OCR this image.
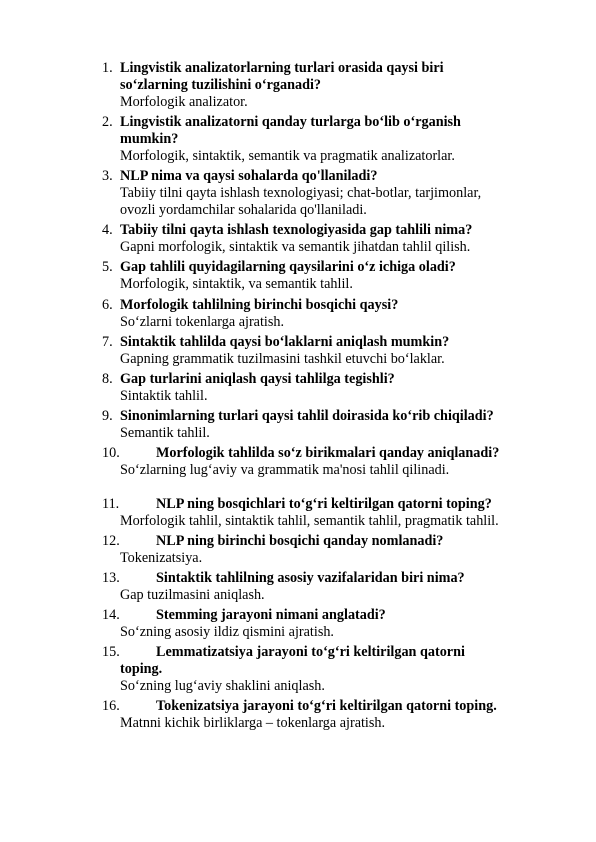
1. Lingvistik analizatorlarning turlari orasida qaysi biri
so‘zlarning tuzilishini o‘rganadi?
Morfologik analizator.
2. Lingvistik analizatorni qanday turlarga bo‘lib o‘rganish
mumkin?
Morfologik, sintaktik, semantik va pragmatik analizatorlar.
3. NLP nima va qaysi sohalarda qo'llaniladi?
Tabiiy tilni qayta ishlash texnologiyasi; chat-botlar, tarjimonlar,
ovozli yordamchilar sohalarida qo'llaniladi.
4. Tabiiy tilni qayta ishlash texnologiyasida gap tahlili nima?
Gapni morfologik, sintaktik va semantik jihatdan tahlil qilish.
5. Gap tahlili quyidagilarning qaysilarini o‘z ichiga oladi?
Morfologik, sintaktik, va semantik tahlil.
6. Morfologik tahlilning birinchi bosqichi qaysi?
So‘zlarni tokenlarga ajratish.
7. Sintaktik tahlilda qaysi bo‘laklarni aniqlash mumkin?
Gapning grammatik tuzilmasini tashkil etuvchi bo‘laklar.
8. Gap turlarini aniqlash qaysi tahlilga tegishli?
Sintaktik tahlil.
9. Sinonimlarning turlari qaysi tahlil doirasida ko‘rib chiqiladi?
Semantik tahlil.
10.	Morfologik tahlilda so‘z birikmalari qanday aniqlanadi?
So‘zlarning lug‘aviy va grammatik ma'nosi tahlil qilinadi.
11.	NLP ning bosqichlari to‘g‘ri keltirilgan qatorni toping?
Morfologik tahlil, sintaktik tahlil, semantik tahlil, pragmatik tahlil.
12.	NLP ning birinchi bosqichi qanday nomlanadi?
Tokenizatsiya.
13.	Sintaktik tahlilning asosiy vazifalaridan biri nima?
Gap tuzilmasini aniqlash.
14.	Stemming jarayoni nimani anglatadi?
So‘zning asosiy ildiz qismini ajratish.
15.	Lemmatizatsiya jarayoni to‘g‘ri keltirilgan qatorni
toping.
So‘zning lug‘aviy shaklini aniqlash.
16.	Tokenizatsiya jarayoni to‘g‘ri keltirilgan qatorni toping.
Matnni kichik birliklarga – tokenlarga ajratish.
